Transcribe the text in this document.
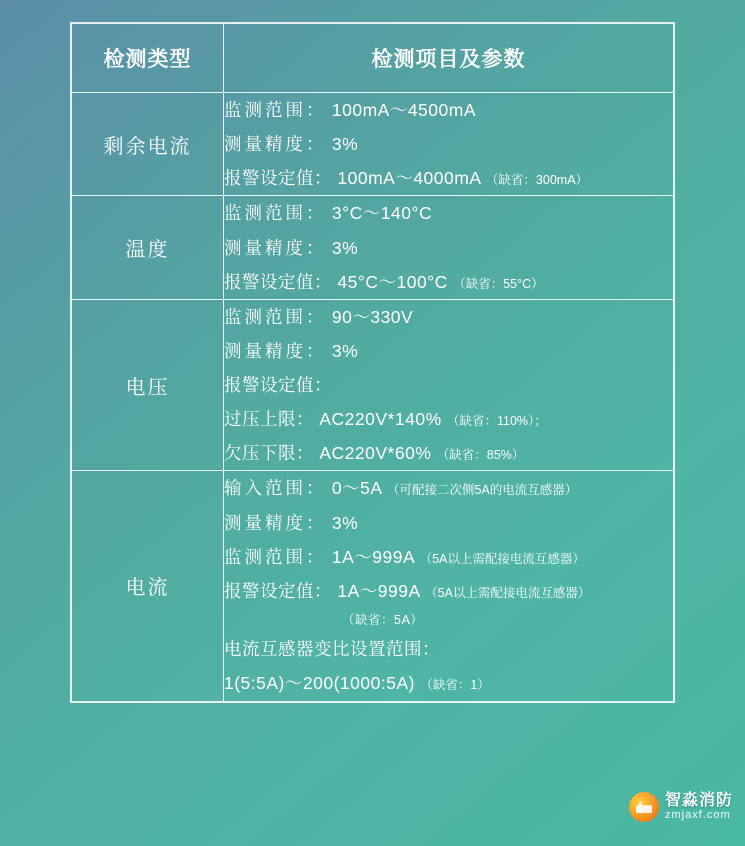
检测类型	检测项目及参数
剩余电流	监测范围： 100mA～4500mA
测量精度： 3%
报警设定值： 100mA～4000mA （缺省：300mA）

温度	监测范围： 3°C～140°C
测量精度： 3%
报警设定值： 45°C～100°C （缺省：55°C）

电压	监测范围： 90～330V
测量精度： 3%
报警设定值：
过压上限： AC220V*140% （缺省：110%）；
欠压下限： AC220V*60% （缺省：85%）

电流	
输入范围： 0～5A （可配接二次侧5A的电流互感器）
测量精度： 3%
监测范围： 1A～999A （5A以上需配接电流互感器）
报警设定值： 1A～999A （5A以上需配接电流互感器）
（缺省：5A）
电流互感器变比设置范围：
1(5:5A)～200(1000:5A) （缺省：1）
智淼消防
zmjaxf.com
